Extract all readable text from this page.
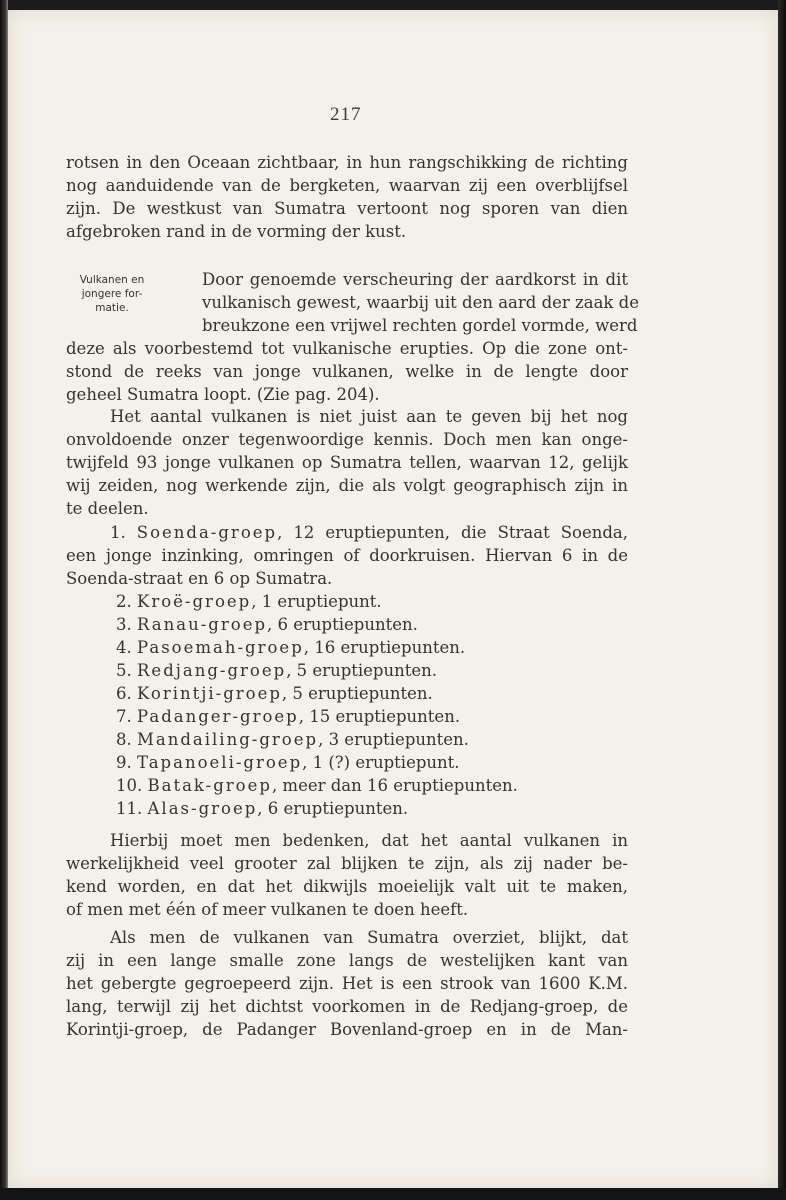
217
rotsen in den Oceaan zichtbaar, in hun rangschikking de richting
nog aanduidende van de bergketen, waarvan zij een overblijfsel
zijn. De westkust van Sumatra vertoont nog sporen van dien
afgebroken rand in de vorming der kust.
Vulkanen en
jongere for-
matie.
Door genoemde verscheuring der aardkorst in dit
vulkanisch gewest, waarbij uit den aard der zaak de
breukzone een vrijwel rechten gordel vormde, werd
deze als voorbestemd tot vulkanische erupties. Op die zone ont-
stond de reeks van jonge vulkanen, welke in de lengte door
geheel Sumatra loopt. (Zie pag. 204).
Het aantal vulkanen is niet juist aan te geven bij het nog
onvoldoende onzer tegenwoordige kennis. Doch men kan onge-
twijfeld 93 jonge vulkanen op Sumatra tellen, waarvan 12, gelijk
wij zeiden, nog werkende zijn, die als volgt geographisch zijn in
te deelen.
1. Soenda-groep, 12 eruptiepunten, die Straat Soenda,
een jonge inzinking, omringen of doorkruisen. Hiervan 6 in de
Soenda-straat en 6 op Sumatra.
2. Kroë-groep, 1 eruptiepunt.
3. Ranau-groep, 6 eruptiepunten.
4. Pasoemah-groep, 16 eruptiepunten.
5. Redjang-groep, 5 eruptiepunten.
6. Korintji-groep, 5 eruptiepunten.
7. Padanger-groep, 15 eruptiepunten.
8. Mandailing-groep, 3 eruptiepunten.
9. Tapanoeli-groep, 1 (?) eruptiepunt.
10. Batak-groep, meer dan 16 eruptiepunten.
11. Alas-groep, 6 eruptiepunten.
Hierbij moet men bedenken, dat het aantal vulkanen in
werkelijkheid veel grooter zal blijken te zijn, als zij nader be-
kend worden, en dat het dikwijls moeielijk valt uit te maken,
of men met één of meer vulkanen te doen heeft.
Als men de vulkanen van Sumatra overziet, blijkt, dat
zij in een lange smalle zone langs de westelijken kant van
het gebergte gegroepeerd zijn. Het is een strook van 1600 K.M.
lang, terwijl zij het dichtst voorkomen in de Redjang-groep, de
Korintji-groep, de Padanger Bovenland-groep en in de Man-
